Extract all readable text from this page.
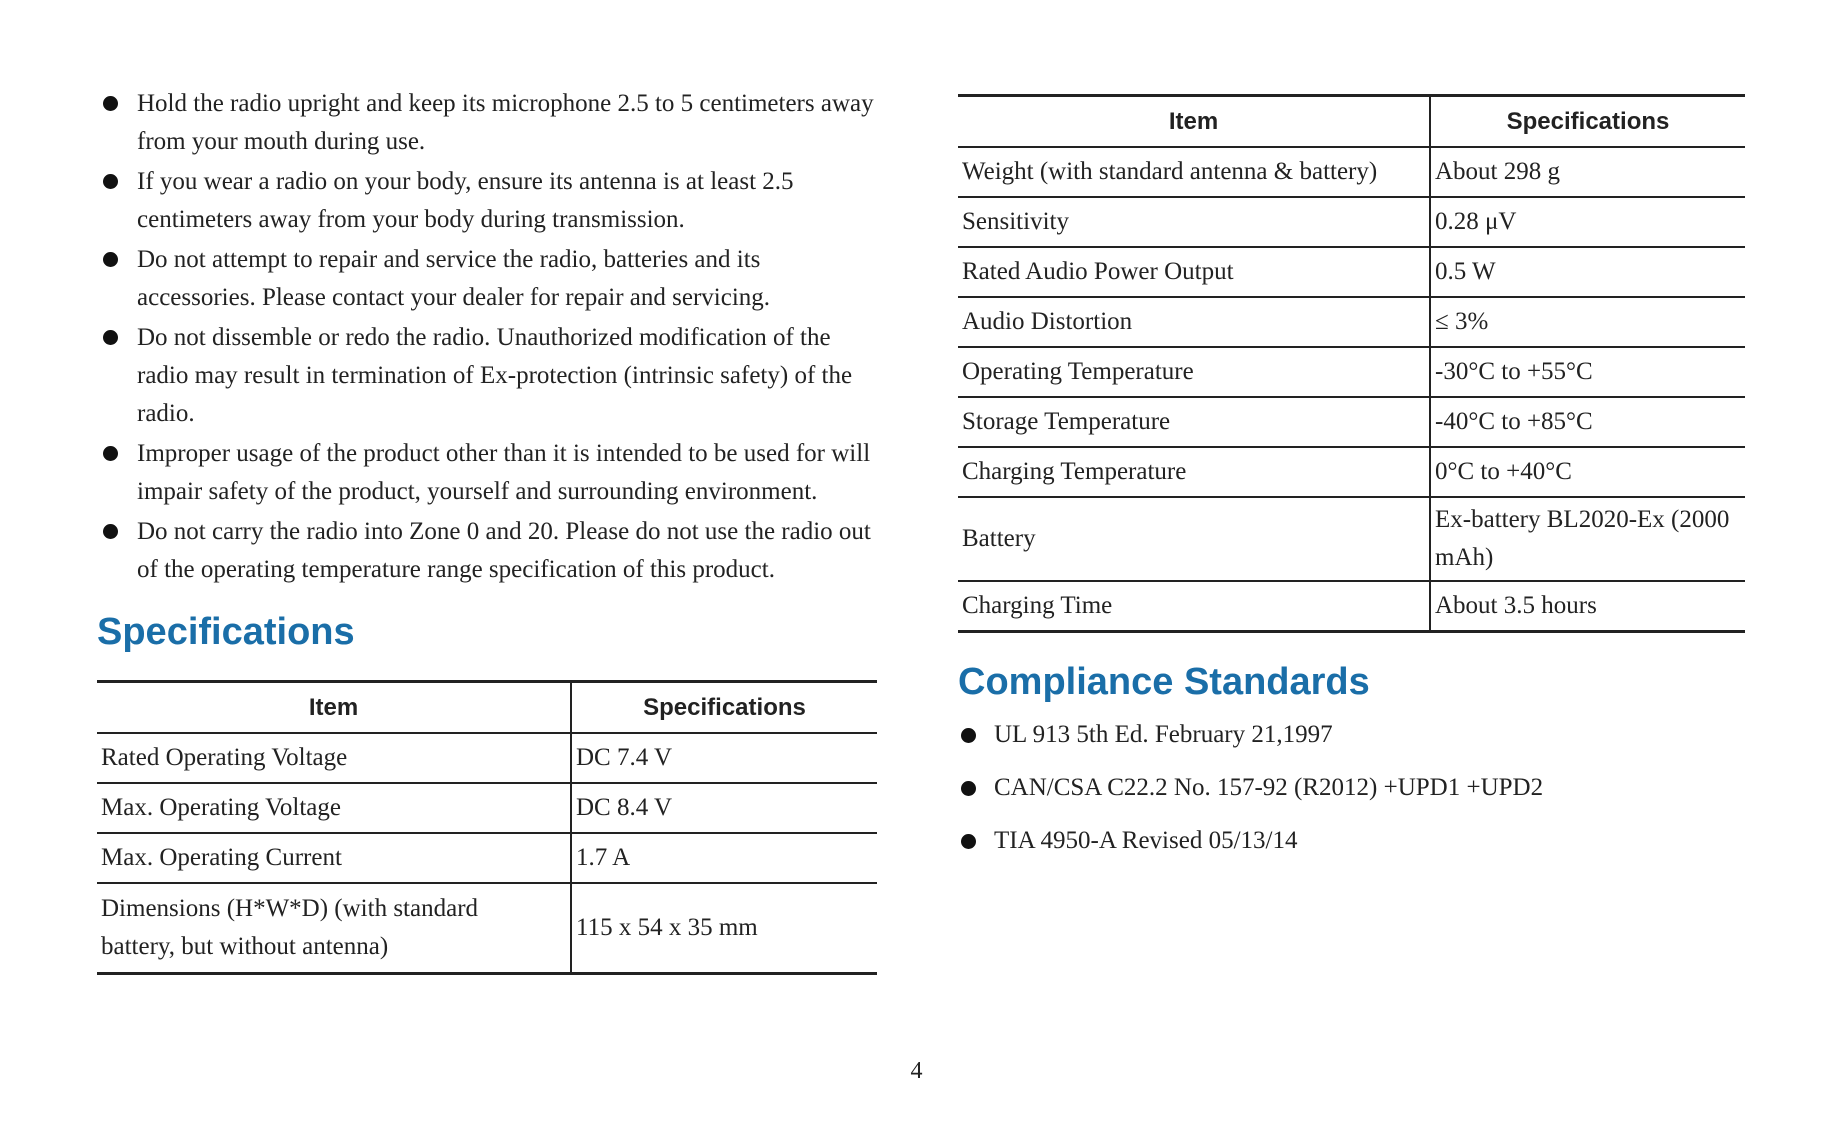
Hold the radio upright and keep its microphone 2.5 to 5 centimeters away from your mouth during use.
If you wear a radio on your body, ensure its antenna is at least 2.5 centimeters away from your body during transmission.
Do not attempt to repair and service the radio, batteries and its accessories. Please contact your dealer for repair and servicing.
Do not dissemble or redo the radio. Unauthorized modification of the radio may result in termination of Ex-protection (intrinsic safety) of the radio.
Improper usage of the product other than it is intended to be used for will impair safety of the product, yourself and surrounding environment.
Do not carry the radio into Zone 0 and 20. Please do not use the radio out of the operating temperature range specification of this product.
Specifications
Item	Specifications
Rated Operating Voltage	DC 7.4 V
Max. Operating Voltage	DC 8.4 V
Max. Operating Current	1.7 A
Dimensions (H*W*D) (with standard battery, but without antenna)	115 x 54 x 35 mm
Item	Specifications
Weight (with standard antenna & battery)	About 298 g
Sensitivity	0.28 μV
Rated Audio Power Output	0.5 W
Audio Distortion	≤ 3%
Operating Temperature	-30°C to +55°C
Storage Temperature	-40°C to +85°C
Charging Temperature	0°C to +40°C
Battery	Ex-battery BL2020-Ex (2000 mAh)
Charging Time	About 3.5 hours
Compliance Standards
UL 913 5th Ed. February 21,1997
CAN/CSA C22.2 No. 157-92 (R2012) +UPD1 +UPD2
TIA 4950-A Revised 05/13/14
4
